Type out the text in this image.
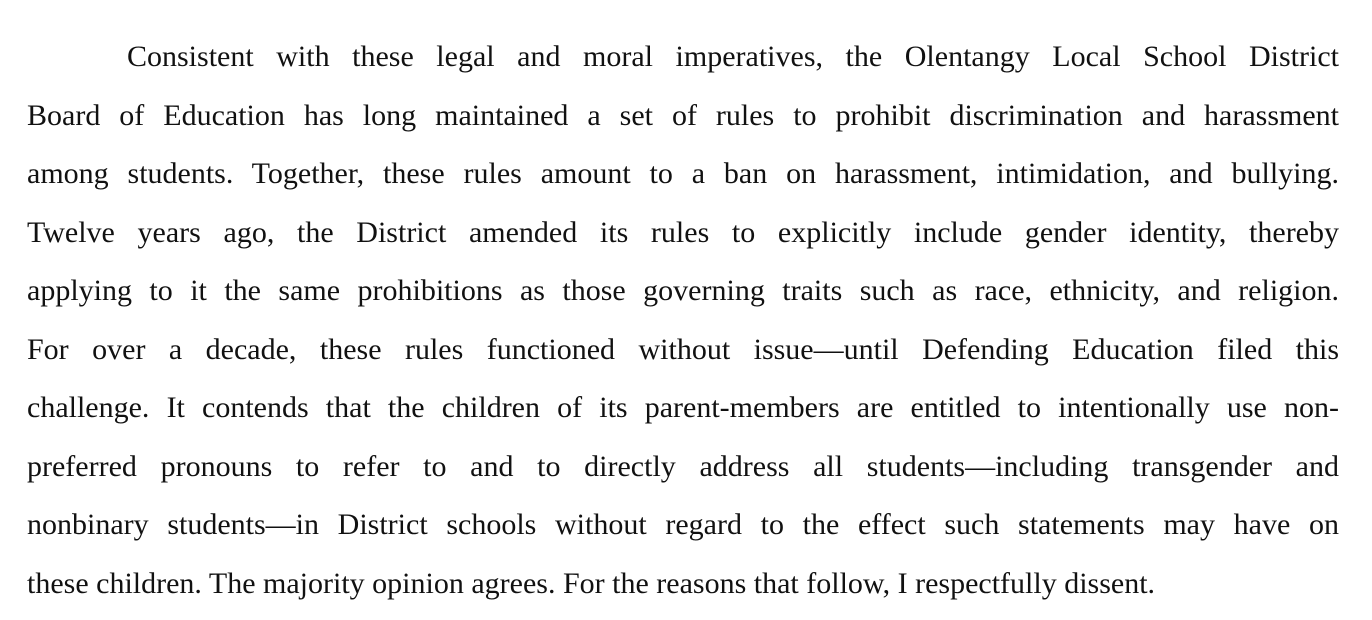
Consistent with these legal and moral imperatives, the Olentangy Local School District
Board of Education has long maintained a set of rules to prohibit discrimination and harassment
among students. Together, these rules amount to a ban on harassment, intimidation, and bullying.
Twelve years ago, the District amended its rules to explicitly include gender identity, thereby
applying to it the same prohibitions as those governing traits such as race, ethnicity, and religion.
For over a decade, these rules functioned without issue—until Defending Education filed this
challenge. It contends that the children of its parent-members are entitled to intentionally use non-
preferred pronouns to refer to and to directly address all students—including transgender and
nonbinary students—in District schools without regard to the effect such statements may have on
these children. The majority opinion agrees. For the reasons that follow, I respectfully dissent.
